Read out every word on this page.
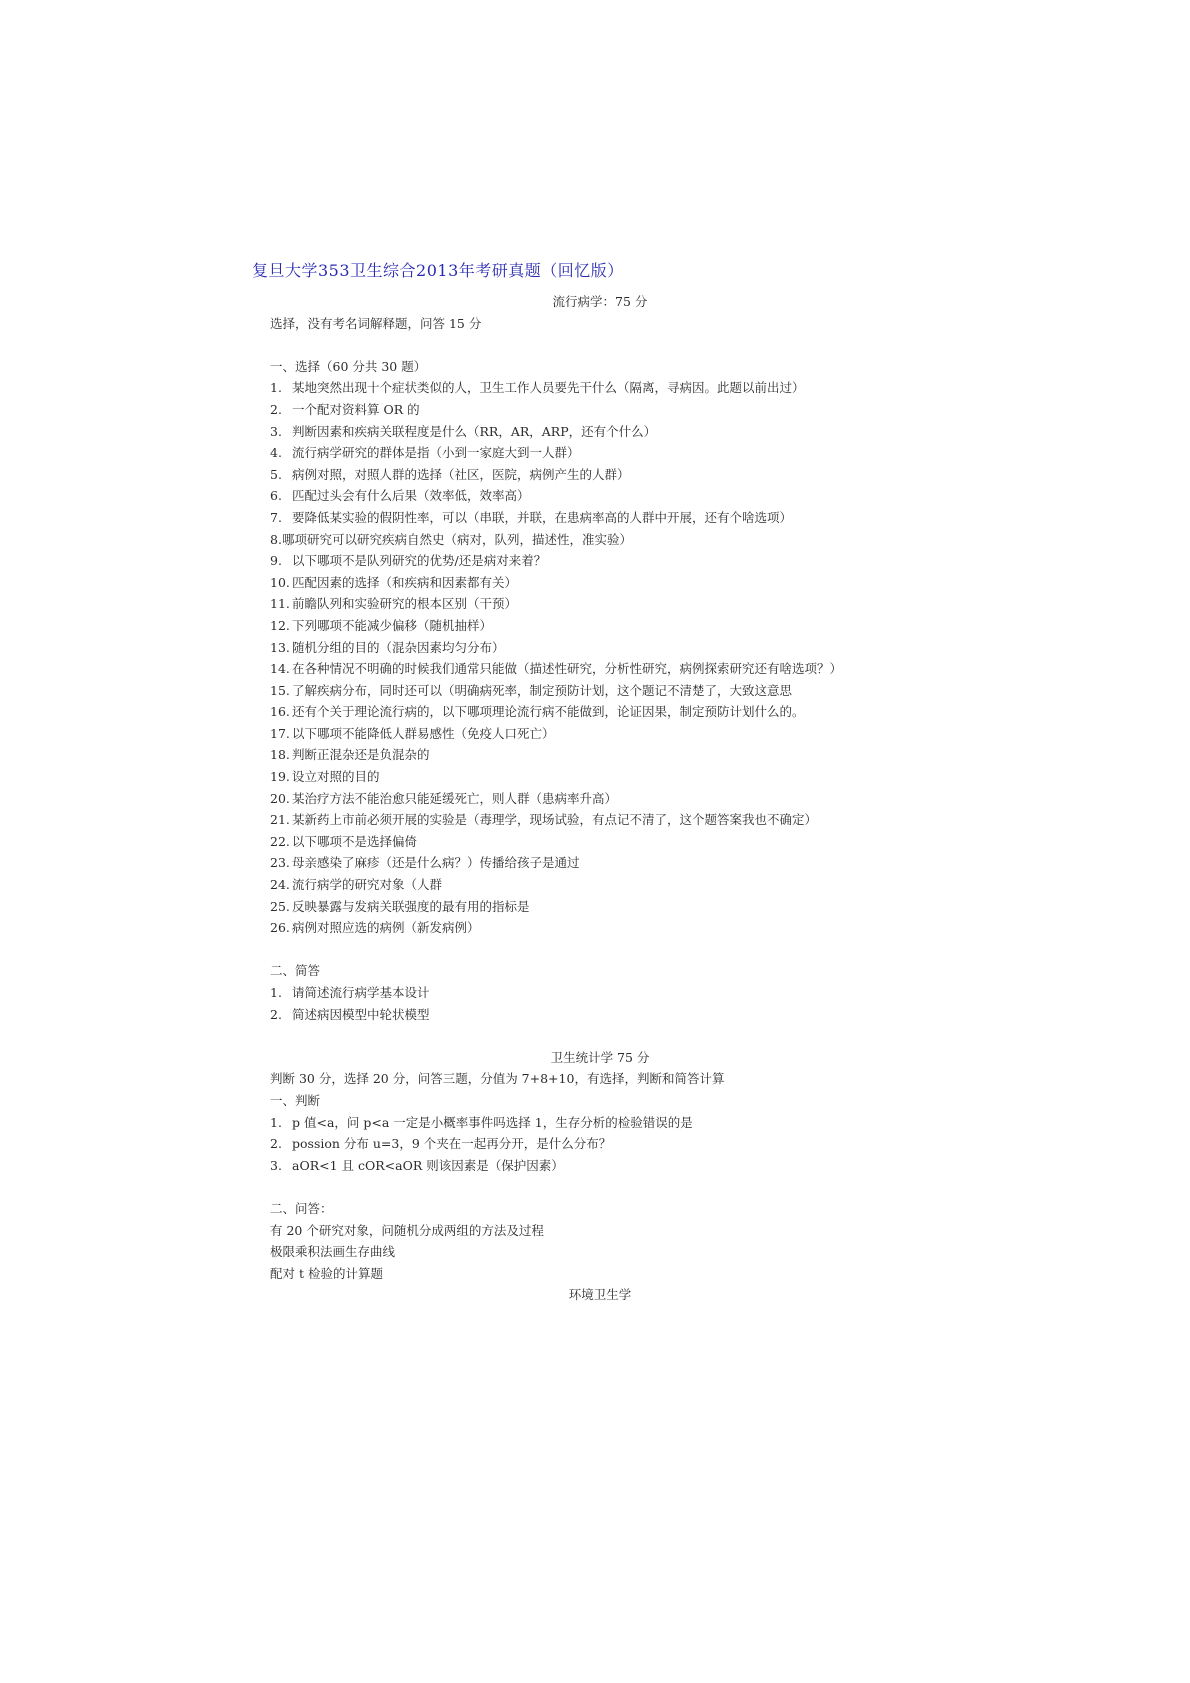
复旦大学353卫生综合2013年考研真题（回忆版）
流行病学：75 分
选择，没有考名词解释题，问答 15 分
一、选择（60 分共 30 题）
1. 某地突然出现十个症状类似的人，卫生工作人员要先干什么（隔离，寻病因。此题以前出过）
2. 一个配对资料算 OR 的
3. 判断因素和疾病关联程度是什么（RR，AR，ARP，还有个什么）
4. 流行病学研究的群体是指（小到一家庭大到一人群）
5. 病例对照，对照人群的选择（社区，医院，病例产生的人群）
6. 匹配过头会有什么后果（效率低，效率高）
7. 要降低某实验的假阴性率，可以（串联，并联，在患病率高的人群中开展，还有个啥选项）
8.哪项研究可以研究疾病自然史（病对，队列，描述性，准实验）
9. 以下哪项不是队列研究的优势/还是病对来着？
10. 匹配因素的选择（和疾病和因素都有关）
11. 前瞻队列和实验研究的根本区别（干预）
12. 下列哪项不能减少偏移（随机抽样）
13. 随机分组的目的（混杂因素均匀分布）
14. 在各种情况不明确的时候我们通常只能做（描述性研究，分析性研究，病例探索研究还有啥选项？）
15. 了解疾病分布，同时还可以（明确病死率，制定预防计划，这个题记不清楚了，大致这意思
16. 还有个关于理论流行病的，以下哪项理论流行病不能做到，论证因果，制定预防计划什么的。
17. 以下哪项不能降低人群易感性（免疫人口死亡）
18. 判断正混杂还是负混杂的
19. 设立对照的目的
20. 某治疗方法不能治愈只能延缓死亡，则人群（患病率升高）
21. 某新药上市前必须开展的实验是（毒理学，现场试验，有点记不清了，这个题答案我也不确定）
22. 以下哪项不是选择偏倚
23. 母亲感染了麻疹（还是什么病？）传播给孩子是通过
24. 流行病学的研究对象（人群
25. 反映暴露与发病关联强度的最有用的指标是
26. 病例对照应选的病例（新发病例）
二、简答
1. 请简述流行病学基本设计
2. 简述病因模型中轮状模型
卫生统计学 75 分
判断 30 分，选择 20 分，问答三题，分值为 7+8+10，有选择，判断和简答计算
一、判断
1. p 值<a，问 p<a 一定是小概率事件吗选择 1，生存分析的检验错误的是
2. possion 分布 u=3，9 个夹在一起再分开，是什么分布？
3. aOR<1 且 cOR<aOR 则该因素是（保护因素）
二、问答：
有 20 个研究对象，问随机分成两组的方法及过程
极限乘积法画生存曲线
配对 t 检验的计算题
环境卫生学
